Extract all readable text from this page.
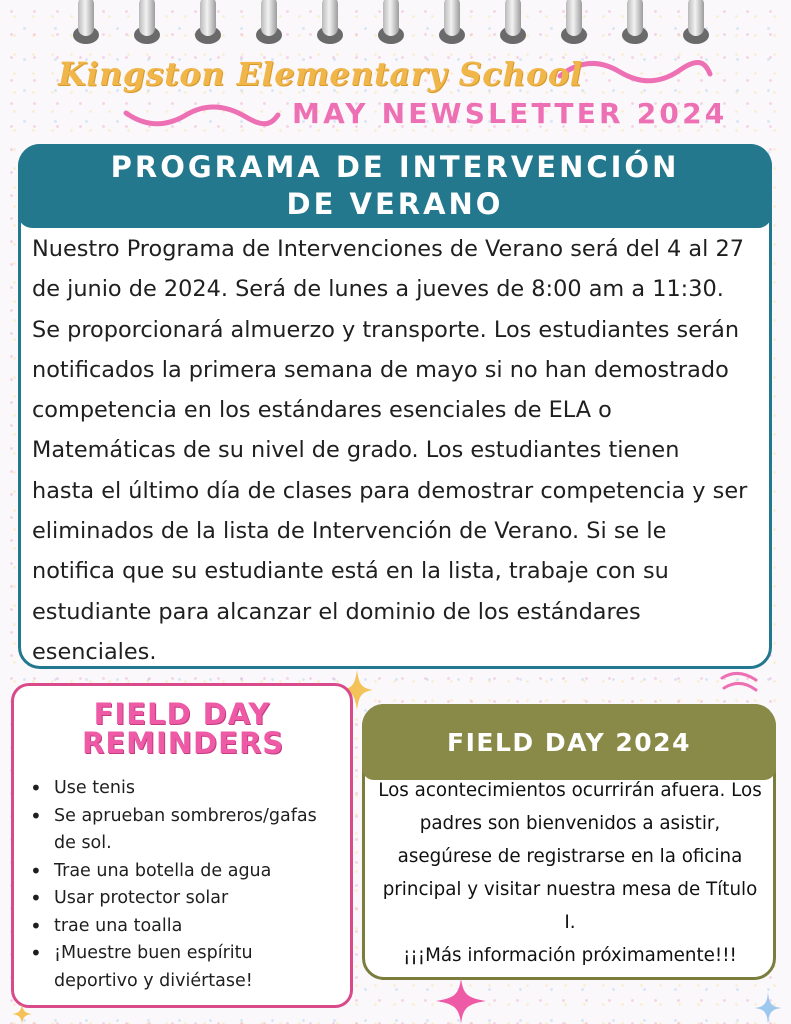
PROGRAMA DE INTERVENCIÓN DE VERANO

Nuestro Programa de Intervenciones de Verano será del 4 al 27 de junio de 2024. Será de lunes a jueves de 8:00 am a 11:30. Se proporcionará almuerzo y transporte. Los estudiantes serán notificados la primera semana de mayo si no han demostrado competencia en los estándares esenciales de ELA o Matemáticas de su nivel de grado. Los estudiantes tienen hasta el último día de clases para demostrar competencia y ser eliminados de la lista de Intervención de Verano. Si se le notifica que su estudiante está en la lista, trabaje con su estudiante para alcanzar el dominio de los estándares esenciales.

FIELD DAY REMINDERS
• Use tenis
• Se aprueban sombreros/gafas de sol.
• Trae una botella de agua
• Usar protector solar
• trae una toalla
• ¡Muestre buen espíritu deportivo y diviértase!
FIELD DAY 2024
Los acontecimientos ocurrirán afuera. Los padres son bienvenidos a asistir, asegúrese de registrarse en la oficina principal y visitar nuestra mesa de Título I.
¡¡¡Más información próximamente!!!
Kingston Elementary School
MAY NEWSLETTER 2024
